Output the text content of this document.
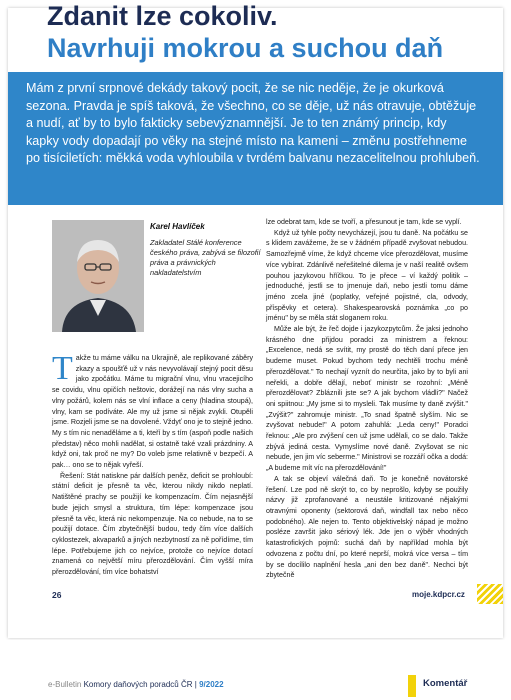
Zdanit lze cokoliv.
Navrhuji mokrou a suchou daň

Mám z první srpnové dekády takový pocit, že se nic neděje, že je okurková sezona. Pravda je spíš taková, že všechno, co se děje, už nás otravuje, obtěžuje a nudí, ať by to bylo fakticky sebevýznamnější. Je to ten známý princip, kdy kapky vody dopadají po věky na stejné místo na kameni – změnu postřehneme po tisíciletích: měkká voda vyhloubila v tvrdém balvanu nezacelitelnou prohlubeň.

Karel Havlíček

Zakladatel Stálé konference českého práva, zabývá se filozofií práva a právnických nakladatelstvím

Takže tu máme válku na Ukrajině, ale replikované záběry zkazy a spoušťě už v nás nevyvolávají stejný pocit děsu jako zpočátku. Máme tu migrační vlnu, vlnu vracejicího se covidu, vlnu opičích neštovic, dorážejí na nás vlny sucha a vlny požárů, kolem nás se vlní inflace a ceny (hladina stoupá), vlny, kam se podíváte. Ale my už jsme si nějak zvykli. Otupěli jsme. Rozjeli jsme se na dovolené. Vždyť ono je to stejně jedno. My s tím nic nenaděláme a ti, kteří by s tím (aspoň podle našich představ) něco mohli nadělat, si ostatně také vzali prázdniny. A když oni, tak proč ne my? Do voleb jsme relativně v bezpečí. A pak… ono se to nějak vyřeší.

Řešení: Stát natiskne pár dalších peněz, deficit se prohloubí: státní deficit je přesně ta věc, kterou nikdy nikdo neplatí. Natištěné prachy se použijí ke kompenzacím. Čím nejasnější bude jejich smysl a struktura, tím lépe: kompenzace jsou přesně ta věc, která nic nekompenzuje. Na co nebude, na to se použijí dotace. Čím zbytečnější budou, tedy čím více dalších cyklostezek, akvaparků a jiných nezbytností za ně pořídíme, tím lépe. Potřebujeme jich co nejvíce, protože co nejvíce dotací znamená co největší míru přerozdělování. Čím vyšší míra přerozdělování, tím více bohatství

lze odebrat tam, kde se tvoří, a přesunout je tam, kde se vyplí.

Když už tyhle počty nevycházejí, jsou tu daně. Na počátku se s klidem zavážeme, že se v žádném případě zvyšovat nebudou. Samozřejmě víme, že když chceme více přerozdělovat, musíme více vybírat. Zdánlivě neřešitelné dilema je v naší realitě ovšem pouhou jazykovou hříčkou. To je přece – ví každý politik – jednoduché, jestli se to jmenuje daň, nebo jestli tomu dáme jméno zcela jiné (poplatky, veřejné pojistné, cla, odvody, příspěvky et cetera). Shakespearovská poznámka „co po jménu" by se měla stát sloganem roku.

Může ale být, že řeč dojde i jazykozpytcům. Že jaksi jednoho krásného dne přijdou poradci za ministrem a řeknou: „Excelence, nedá se svítit, my prostě do těch daní přece jen budeme muset. Pokud bychom tedy nechtěli trochu méně přerozdělovat." To nechají vyznít do neurčita, jako by to byli ani neřekli, a dobře dělají, neboť ministr se rozohní: „Méně přerozdělovat? Zbláznili jste se? A jak bychom vládli?" Načež oni spiitnou: „My jsme si to mysleli. Tak musíme ty daně zvýšit." „Zvýšit?" zahromuje ministr. „To snad špatně slyším. Nic se zvyšovat nebude!" A potom zahuhlá: „Leda ceny!" Poradci řeknou: „Ale pro zvýšení cen už jsme udělali, co se dalo. Takže zbývá jediná cesta. Vymyslíme nové daně. Zvyšovat se nic nebude, jen jim víc seberme." Ministrovi se rozzáří očka a dodá: „A budeme mít víc na přerozdělování!"

A tak se objeví válečná daň. To je konečně novátorské řešení. Lze pod ně skrýt to, co by neprošlo, kdyby se použily názvy již zprofanované a neustále kritizované nějakými otravnými oponenty (sektorová daň, windfall tax nebo něco podobného). Ale nejen to. Tento objektivelský nápad je možno posléze završit jako sériový lék. Jde jen o výběr vhodných katastrofických pojmů: suchá daň by například mohla být odvozena z počtu dní, po které neprší, mokrá více versa – tím by se docílilo naplnění hesla „ani den bez daně". Nechci být zbytečně

26	moje.kdpcr.cz
e-Bulletin Komory daňových poradců ČR | 9/2022	Komentář
